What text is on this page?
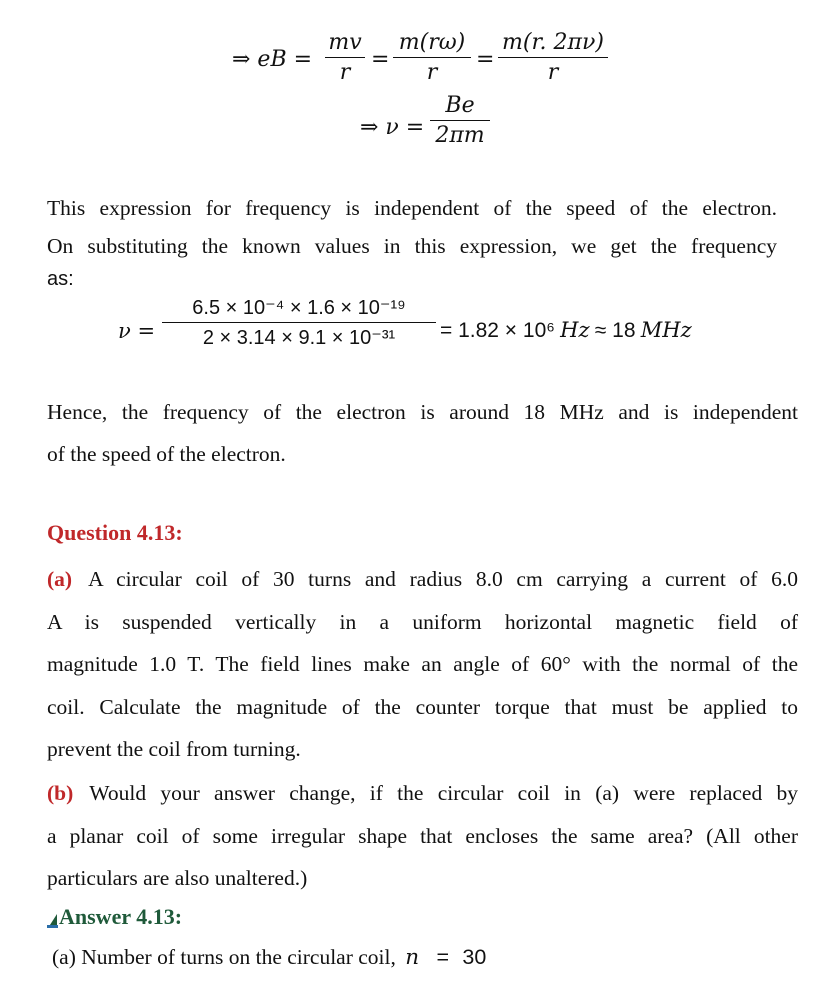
⇒ eB =
mv
r
=
m(rω)
r
=
m(r. 2πν)
r
⇒ ν =
Be
2πm
This expression for frequency is independent of the speed of the electron.
On substituting the known values in this expression, we get the frequency
as:
ν =
6.5 × 10⁻⁴ × 1.6 × 10⁻¹⁹
2 × 3.14 × 9.1 × 10⁻³¹	= 1.82 × 10⁶ Hz ≈ 18 MHz
Hence, the frequency of the electron is around 18 MHz and is independent
of the speed of the electron.
Question 4.13:
(a) A circular coil of 30 turns and radius 8.0 cm carrying a current of 6.0
A is suspended vertically in a uniform horizontal magnetic field of
magnitude 1.0 T. The field lines make an angle of 60° with the normal of the
coil. Calculate the magnitude of the counter torque that must be applied to
prevent the coil from turning.
(b) Would your answer change, if the circular coil in (a) were replaced by
a planar coil of some irregular shape that encloses the same area? (All other
particulars are also unaltered.)
Answer 4.13:
(a) Number of turns on the circular coil, n = 30
